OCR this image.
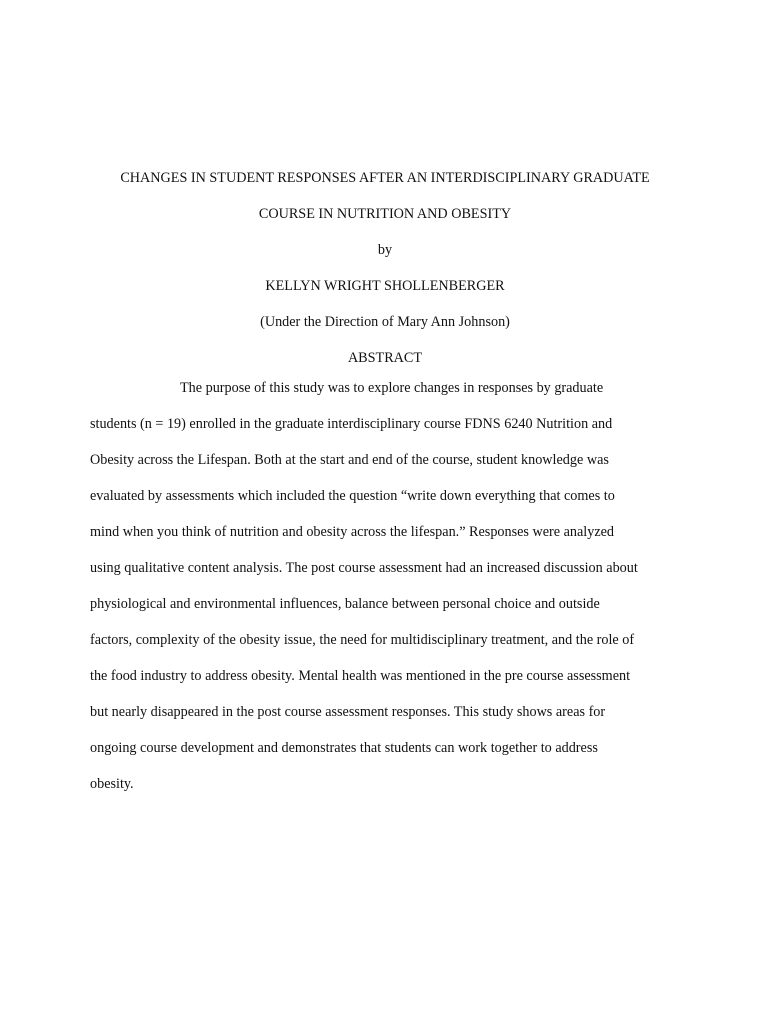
CHANGES IN STUDENT RESPONSES AFTER AN INTERDISCIPLINARY GRADUATE
COURSE IN NUTRITION AND OBESITY
by
KELLYN WRIGHT SHOLLENBERGER
(Under the Direction of Mary Ann Johnson)
ABSTRACT
The purpose of this study was to explore changes in responses by graduate
students (n = 19) enrolled in the graduate interdisciplinary course FDNS 6240 Nutrition and
Obesity across the Lifespan. Both at the start and end of the course, student knowledge was
evaluated by assessments which included the question “write down everything that comes to
mind when you think of nutrition and obesity across the lifespan.” Responses were analyzed
using qualitative content analysis. The post course assessment had an increased discussion about
physiological and environmental influences, balance between personal choice and outside
factors, complexity of the obesity issue, the need for multidisciplinary treatment, and the role of
the food industry to address obesity. Mental health was mentioned in the pre course assessment
but nearly disappeared in the post course assessment responses. This study shows areas for
ongoing course development and demonstrates that students can work together to address
obesity.
